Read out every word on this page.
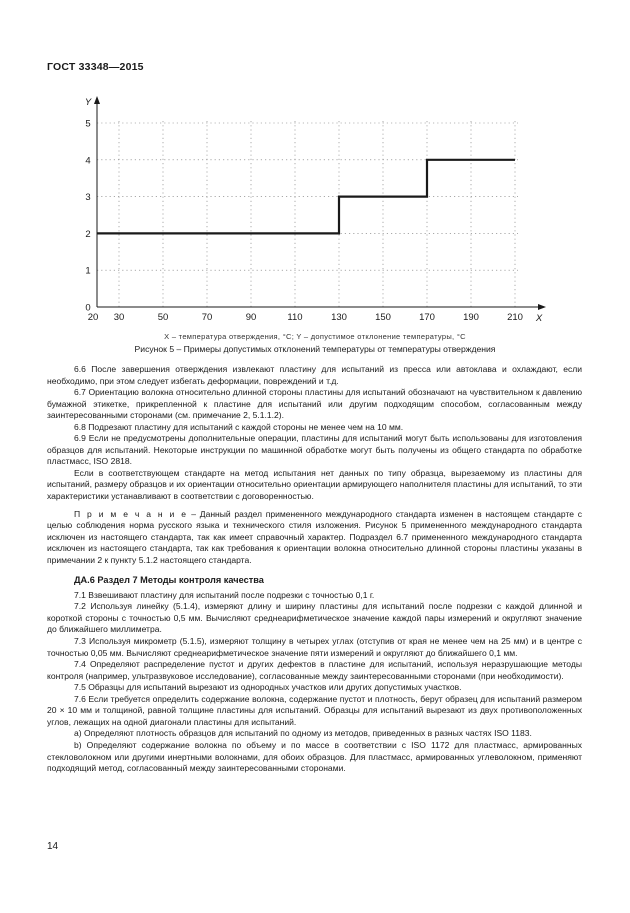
ГОСТ 33348—2015
20 30	50	70	90	110	130	150	170	190	210
0
1
2
3
4
5
X
Y
X – температура отверждения, °C; Y – допустимое отклонение температуры, °C
Рисунок 5 – Примеры допустимых отклонений температуры от температуры отверждения

6.6 После завершения отверждения извлекают пластину для испытаний из пресса или автоклава и охлаждают, если необходимо, при этом следует избегать деформации, повреждений и т.д.

6.7 Ориентацию волокна относительно длинной стороны пластины для испытаний обозначают на чувствительном к давлению бумажной этикетке, прикрепленной к пластине для испытаний или другим подходящим способом, согласованным между заинтересованными сторонами (см. примечание 2, 5.1.1.2).

6.8 Подрезают пластину для испытаний с каждой стороны не менее чем на 10 мм.

6.9 Если не предусмотрены дополнительные операции, пластины для испытаний могут быть использованы для изготовления образцов для испытаний. Некоторые инструкции по машинной обработке могут быть получены из общего стандарта по обработке пластмасс, ISO 2818.

Если в соответствующем стандарте на метод испытания нет данных по типу образца, вырезаемому из пластины для испытаний, размеру образцов и их ориентации относительно ориентации армирующего наполнителя пластины для испытаний, то эти характеристики устанавливают в соответствии с договоренностью.

П р и м е ч а н и е – Данный раздел примененного международного стандарта изменен в настоящем стандарте с целью соблюдения норма русского языка и технического стиля изложения. Рисунок 5 примененного международного стандарта исключен из настоящего стандарта, так как имеет справочный характер. Подраздел 6.7 примененного международного стандарта исключен из настоящего стандарта, так как требования к ориентации волокна относительно длинной стороны пластины указаны в примечании 2 к пункту 5.1.2 настоящего стандарта.

ДА.6 Раздел 7 Методы контроля качества

7.1 Взвешивают пластину для испытаний после подрезки с точностью 0,1 г.

7.2 Используя линейку (5.1.4), измеряют длину и ширину пластины для испытаний после подрезки с каждой длинной и короткой стороны с точностью 0,5 мм. Вычисляют среднеарифметическое значение каждой пары измерений и округляют значение до ближайшего миллиметра.

7.3 Используя микрометр (5.1.5), измеряют толщину в четырех углах (отступив от края не менее чем на 25 мм) и в центре с точностью 0,05 мм. Вычисляют среднеарифметическое значение пяти измерений и округляют до ближайшего 0,1 мм.

7.4 Определяют распределение пустот и других дефектов в пластине для испытаний, используя неразрушающие методы контроля (например, ультразвуковое исследование), согласованные между заинтересованными сторонами (при необходимости).

7.5 Образцы для испытаний вырезают из однородных участков или других допустимых участков.

7.6 Если требуется определить содержание волокна, содержание пустот и плотность, берут образец для испытаний размером 20 × 10 мм и толщиной, равной толщине пластины для испытаний. Образцы для испытаний вырезают из двух противоположенных углов, лежащих на одной диагонали пластины для испытаний.

а) Определяют плотность образцов для испытаний по одному из методов, приведенных в разных частях ISO 1183.

b) Определяют содержание волокна по объему и по массе в соответствии с ISO 1172 для пластмасс, армированных стекловолокном или другими инертными волокнами, для обоих образцов. Для пластмасс, армированных углеволокном, применяют подходящий метод, согласованный между заинтересованными сторонами.

14
